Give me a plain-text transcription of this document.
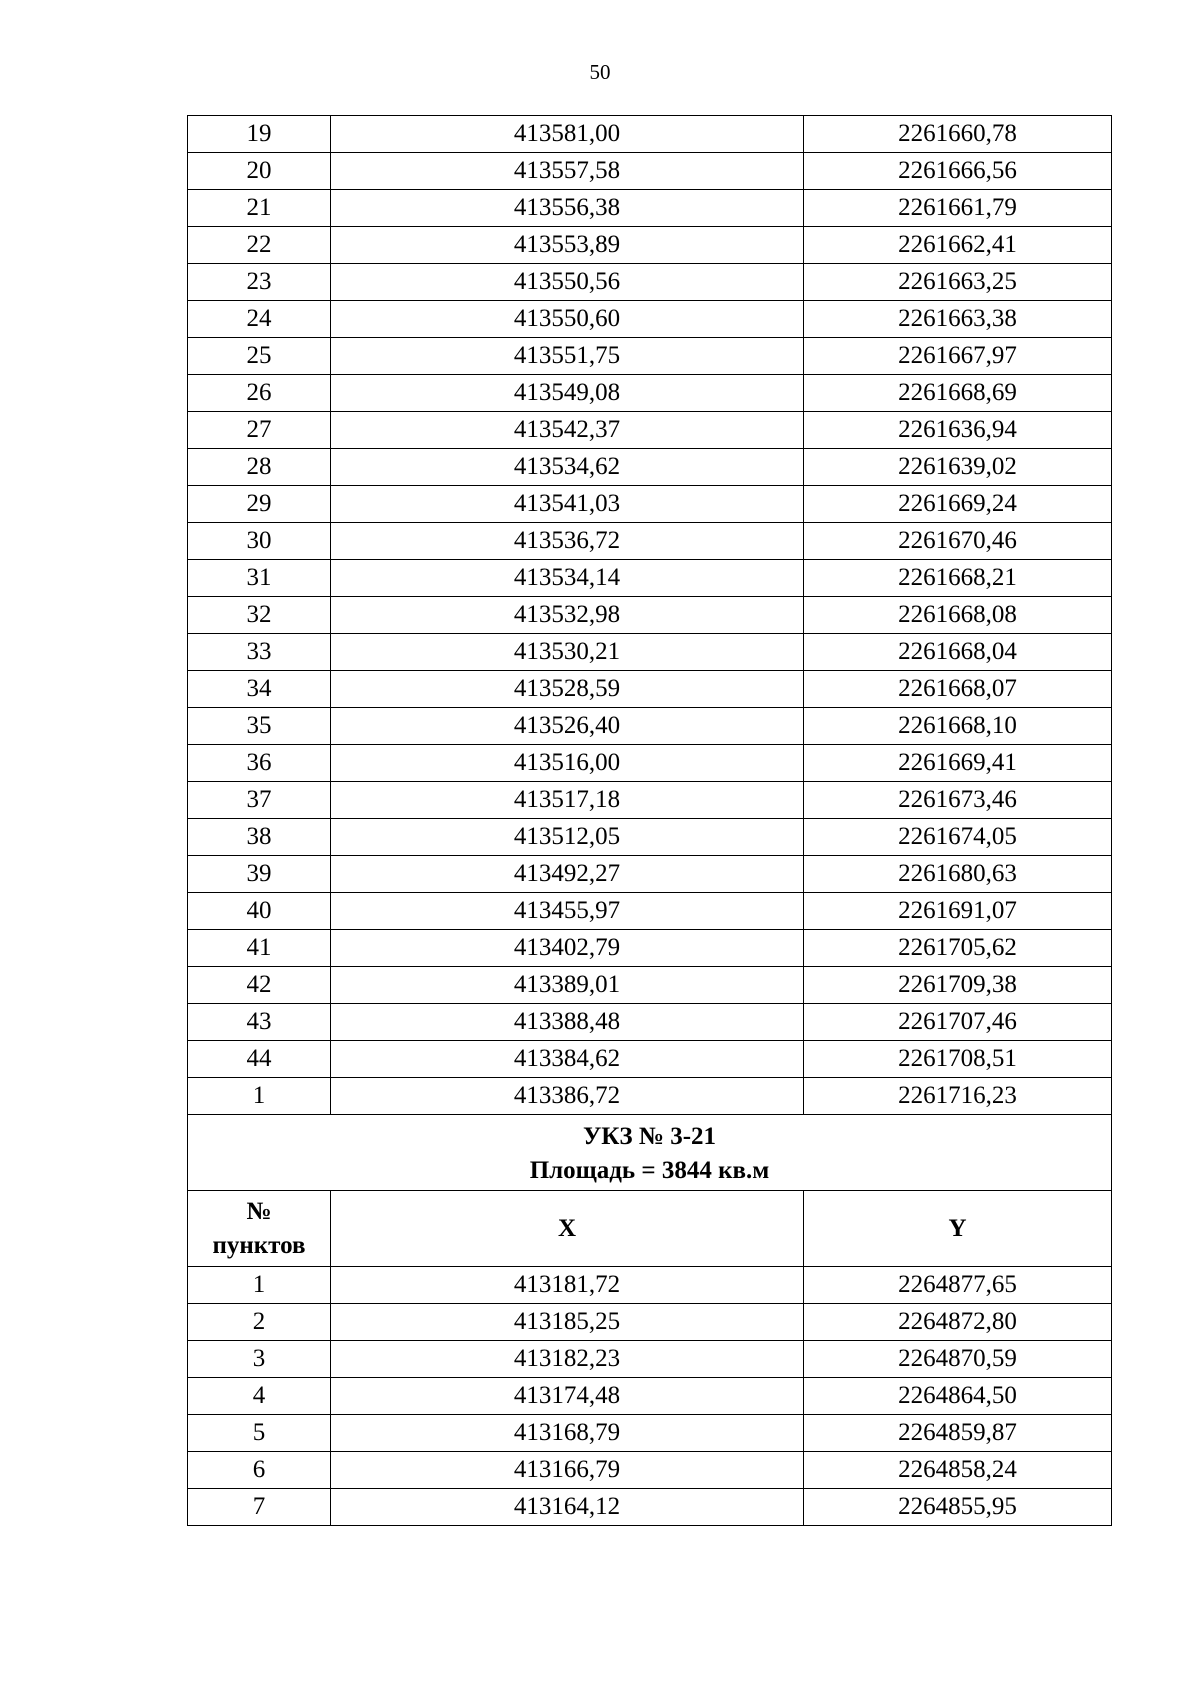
50
19	413581,00	2261660,78
20	413557,58	2261666,56
21	413556,38	2261661,79
22	413553,89	2261662,41
23	413550,56	2261663,25
24	413550,60	2261663,38
25	413551,75	2261667,97
26	413549,08	2261668,69
27	413542,37	2261636,94
28	413534,62	2261639,02
29	413541,03	2261669,24
30	413536,72	2261670,46
31	413534,14	2261668,21
32	413532,98	2261668,08
33	413530,21	2261668,04
34	413528,59	2261668,07
35	413526,40	2261668,10
36	413516,00	2261669,41
37	413517,18	2261673,46
38	413512,05	2261674,05
39	413492,27	2261680,63
40	413455,97	2261691,07
41	413402,79	2261705,62
42	413389,01	2261709,38
43	413388,48	2261707,46
44	413384,62	2261708,51
1	413386,72	2261716,23

УКЗ № 3-21
Площадь = 3844 кв.м		

№
пунктов	X	Y
1	413181,72	2264877,65
2	413185,25	2264872,80
3	413182,23	2264870,59
4	413174,48	2264864,50
5	413168,79	2264859,87
6	413166,79	2264858,24
7	413164,12	2264855,95
